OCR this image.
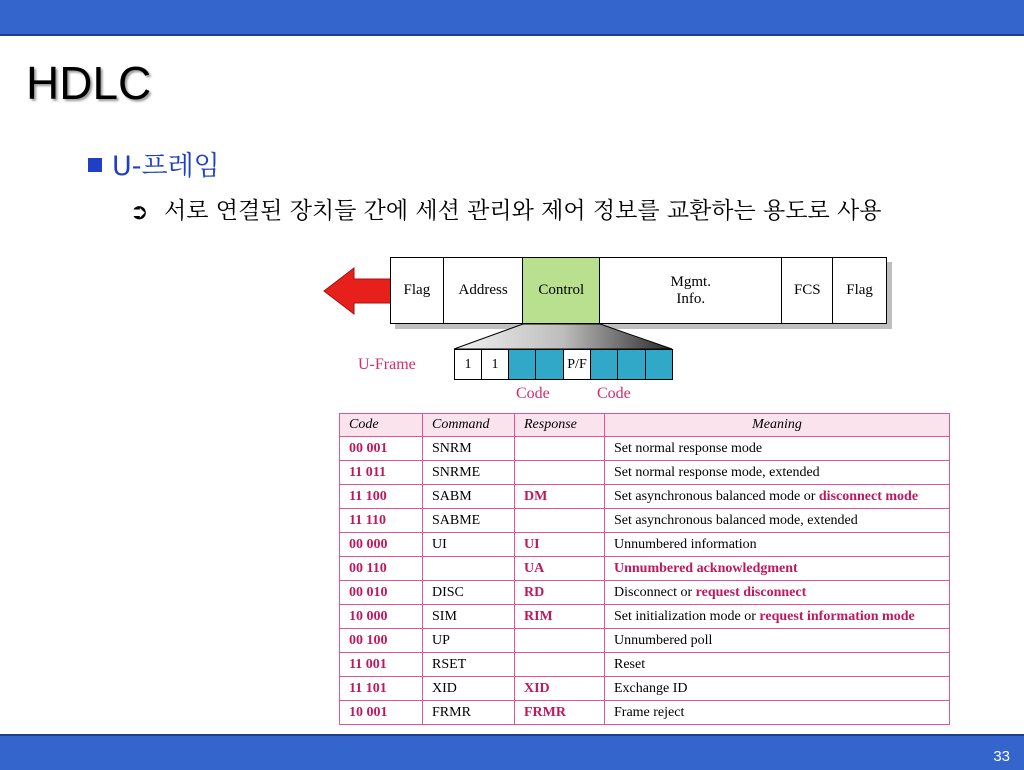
HDLC
U-프레임
➲ 서로 연결된 장치들 간에 세션 관리와 제어 정보를 교환하는 용도로 사용
Flag	Address	Control
Mgmt.
Info.
FCS	Flag
U-Frame	1	1	P/F
Code	Code
Code	Command	Response	Meaning
00 001	SNRM		Set normal response mode
11 011	SNRME		Set normal response mode, extended
11 100	SABM	DM	Set asynchronous balanced mode or disconnect mode
11 110	SABME		Set asynchronous balanced mode, extended
00 000	UI	UI	Unnumbered information
00 110		UA	Unnumbered acknowledgment
00 010	DISC	RD	Disconnect or request disconnect
10 000	SIM	RIM	Set initialization mode or request information mode
00 100	UP		Unnumbered poll
11 001	RSET		Reset
11 101	XID	XID	Exchange ID
10 001	FRMR	FRMR	Frame reject
33
